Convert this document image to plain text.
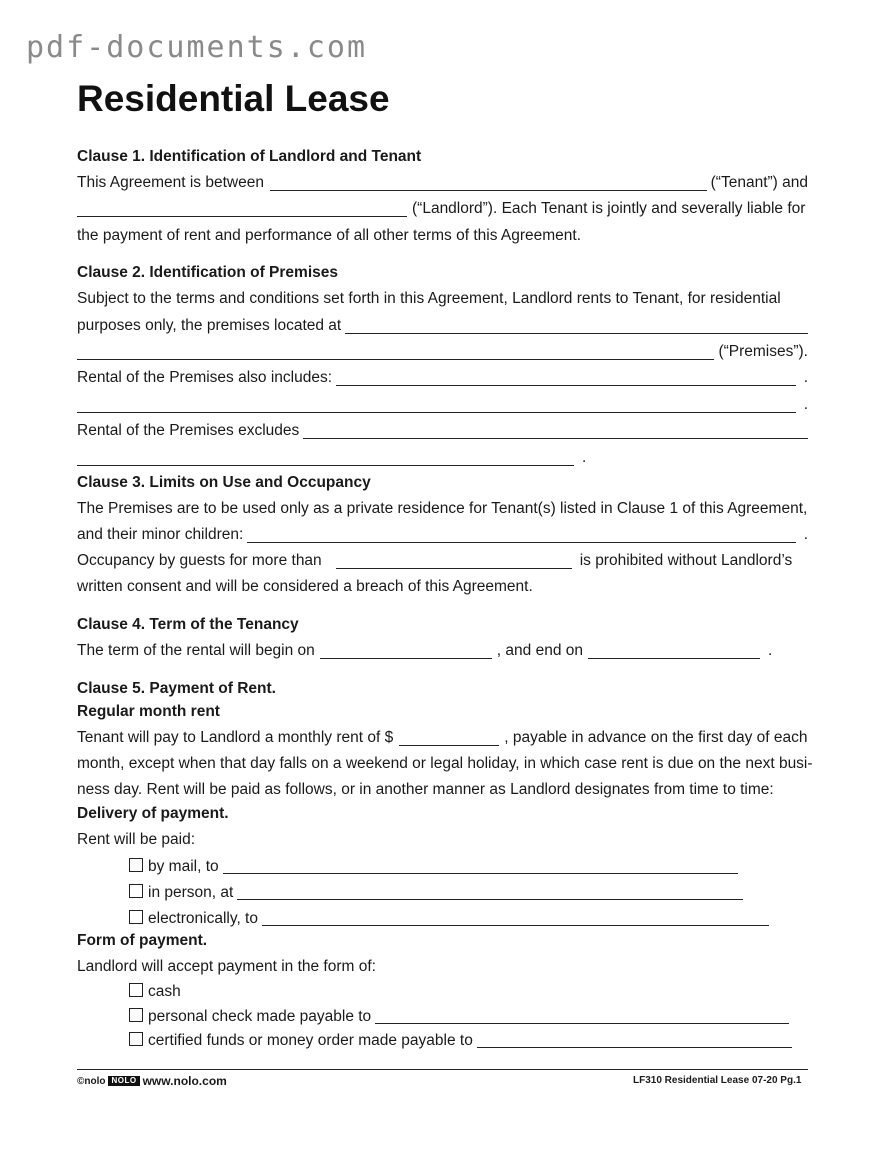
pdf-documents.com
Residential Lease
Clause 1. Identification of Landlord and Tenant
This Agreement is between	(“Tenant”) and
(“Landlord”). Each Tenant is jointly and severally liable for
the payment of rent and performance of all other terms of this Agreement.
Clause 2. Identification of Premises
Subject to the terms and conditions set forth in this Agreement, Landlord rents to Tenant, for residential
purposes only, the premises located at
(“Premises”).
Rental of the Premises also includes:	.
.
Rental of the Premises excludes
.
Clause 3. Limits on Use and Occupancy
The Premises are to be used only as a private residence for Tenant(s) listed in Clause 1 of this Agreement,
and their minor children:	.
Occupancy by guests for more than	is prohibited without Landlord’s
written consent and will be considered a breach of this Agreement.
Clause 4. Term of the Tenancy
The term of the rental will begin on	, and end on	.
Clause 5. Payment of Rent.
Regular month rent
Tenant will pay to Landlord a monthly rent of $	, payable in advance on the first day of each
month, except when that day falls on a weekend or legal holiday, in which case rent is due on the next busi-
ness day. Rent will be paid as follows, or in another manner as Landlord designates from time to time:
Delivery of payment.
Rent will be paid:
by mail, to
in person, at
electronically, to
Form of payment.
Landlord will accept payment in the form of:
cash
personal check made payable to
certified funds or money order made payable to
©nolo NOLO www.nolo.com	LF310 Residential Lease 07-20 Pg.1
